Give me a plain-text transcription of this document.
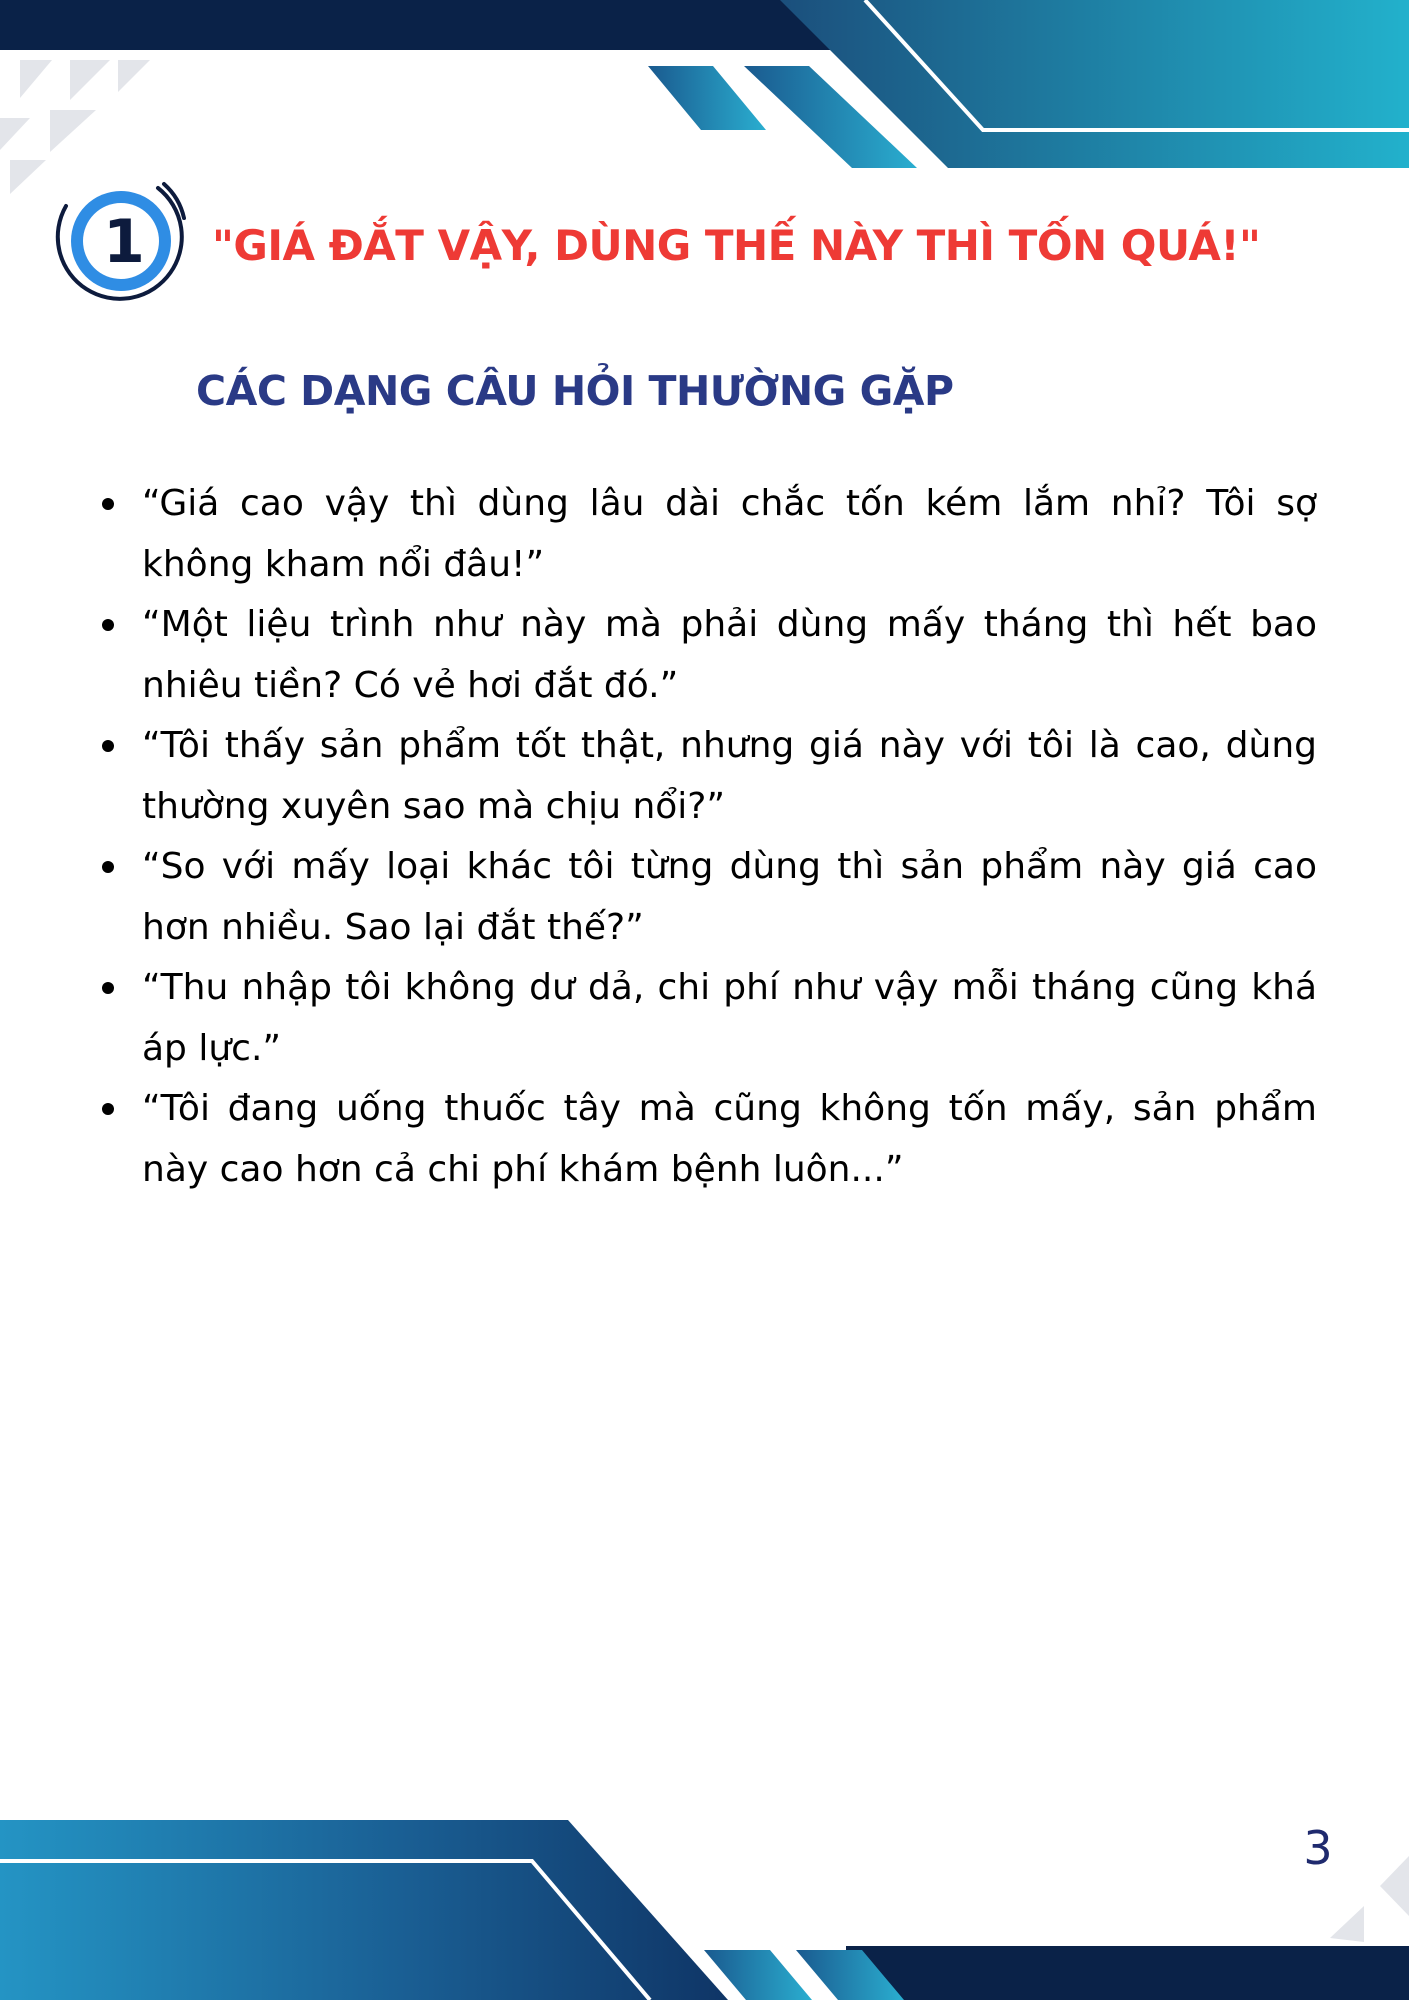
1	"GIÁ ĐẮT VẬY, DÙNG THẾ NÀY THÌ TỐN QUÁ!"
CÁC DẠNG CÂU HỎI THƯỜNG GẶP
“Giá cao vậy thì dùng lâu dài chắc tốn kém lắm nhỉ? Tôi sợ không kham nổi đâu!”
“Một liệu trình như này mà phải dùng mấy tháng thì hết bao nhiêu tiền? Có vẻ hơi đắt đó.”
“Tôi thấy sản phẩm tốt thật, nhưng giá này với tôi là cao, dùng thường xuyên sao mà chịu nổi?”
“So với mấy loại khác tôi từng dùng thì sản phẩm này giá cao hơn nhiều. Sao lại đắt thế?”
“Thu nhập tôi không dư dả, chi phí như vậy mỗi tháng cũng khá áp lực.”
“Tôi đang uống thuốc tây mà cũng không tốn mấy, sản phẩm này cao hơn cả chi phí khám bệnh luôn...”
3
